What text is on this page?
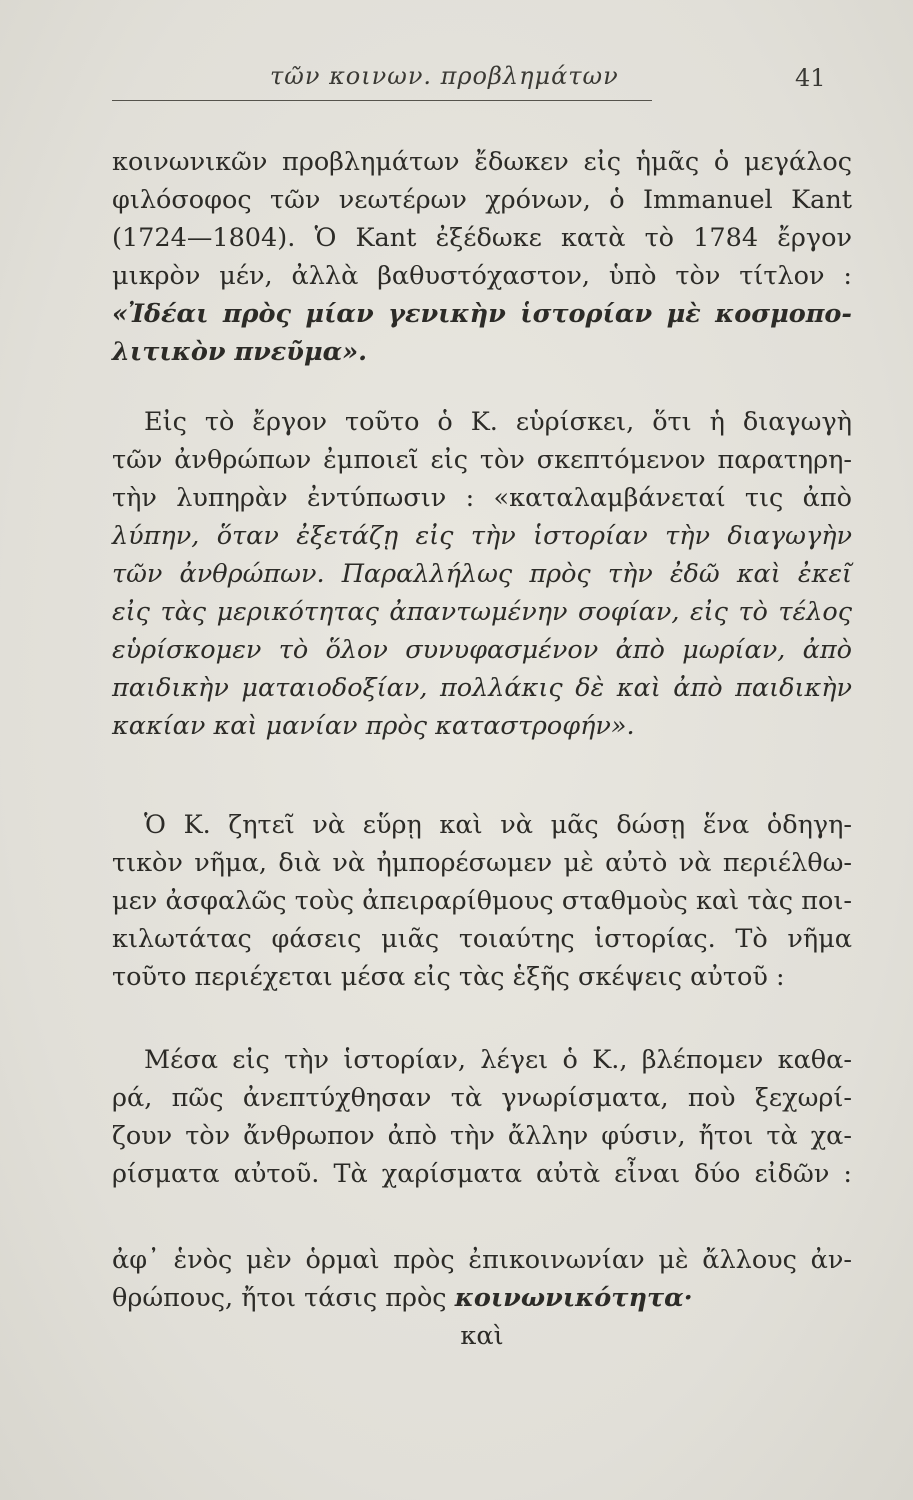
τῶν κοινων. προβλημάτων	41
κοινωνικῶν προβλημάτων ἔδωκεν εἰς ἡμᾶς ὁ μεγάλος
φιλόσοφος τῶν νεωτέρων χρόνων, ὁ Immanuel Kant
(1724—1804). Ὁ Kant ἐξέδωκε κατὰ τὸ 1784 ἔργον
μικρὸν μέν, ἀλλὰ βαθυστόχαστον, ὑπὸ τὸν τίτλον :
«Ἰδέαι πρὸς μίαν γενικὴν ἱστορίαν μὲ κοσμοπο-
λιτικὸν πνεῦμα».
Εἰς τὸ ἔργον τοῦτο ὁ Κ. εὑρίσκει, ὅτι ἡ διαγωγὴ
τῶν ἀνθρώπων ἐμποιεῖ εἰς τὸν σκεπτόμενον παρατηρη-
τὴν λυπηρὰν ἐντύπωσιν : «καταλαμβάνεταί τις ἀπὸ
λύπην, ὅταν ἐξετάζῃ εἰς τὴν ἱστορίαν τὴν διαγωγὴν
τῶν ἀνθρώπων. Παραλλήλως πρὸς τὴν ἐδῶ καὶ ἐκεῖ
εἰς τὰς μερικότητας ἀπαντωμένην σοφίαν, εἰς τὸ τέλος
εὑρίσκομεν τὸ ὅλον συνυφασμένον ἀπὸ μωρίαν, ἀπὸ
παιδικὴν ματαιοδοξίαν, πολλάκις δὲ καὶ ἀπὸ παιδικὴν
κακίαν καὶ μανίαν πρὸς καταστροφήν».
Ὁ Κ. ζητεῖ νὰ εὕρῃ καὶ νὰ μᾶς δώσῃ ἕνα ὁδηγη-
τικὸν νῆμα, διὰ νὰ ἠμπορέσωμεν μὲ αὐτὸ νὰ περιέλθω-
μεν ἀσφαλῶς τοὺς ἀπειραρίθμους σταθμοὺς καὶ τὰς ποι-
κιλωτάτας φάσεις μιᾶς τοιαύτης ἱστορίας. Τὸ νῆμα
τοῦτο περιέχεται μέσα εἰς τὰς ἑξῆς σκέψεις αὐτοῦ :
Μέσα εἰς τὴν ἱστορίαν, λέγει ὁ Κ., βλέπομεν καθα-
ρά, πῶς ἀνεπτύχθησαν τὰ γνωρίσματα, ποὺ ξεχωρί-
ζουν τὸν ἄνθρωπον ἀπὸ τὴν ἄλλην φύσιν, ἤτοι τὰ χα-
ρίσματα αὐτοῦ. Τὰ χαρίσματα αὐτὰ εἶναι δύο εἰδῶν :
ἀφ᾿ ἑνὸς μὲν ὁρμαὶ πρὸς ἐπικοινωνίαν μὲ ἄλλους ἀν-
θρώπους, ἤτοι τάσις πρὸς κοινωνικότητα·
καὶ
